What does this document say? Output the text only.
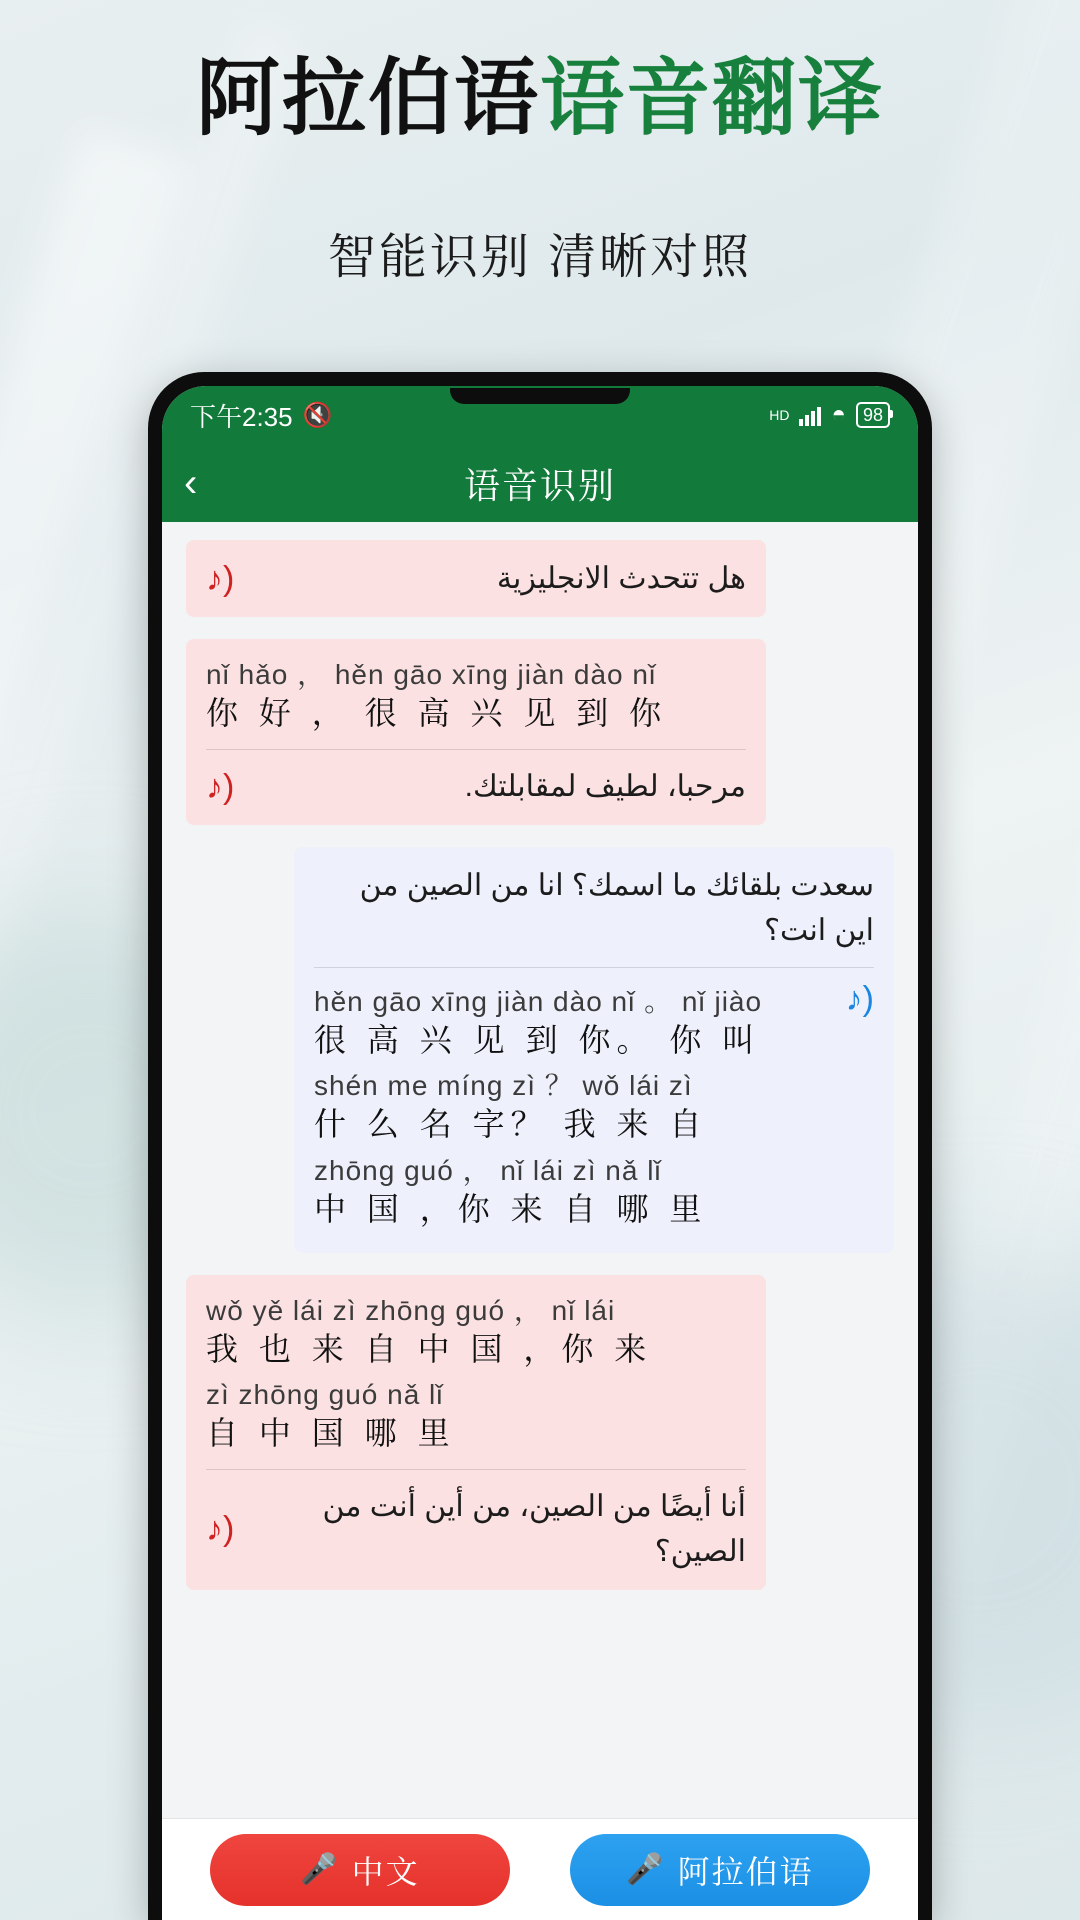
阿拉伯语语音翻译
智能识别 清晰对照
下午2:35 🔇	HD ◓ 98
‹	语音识别
♪)	هل تتحدث الانجليزية
nǐ hǎo ， hěn gāo xīng jiàn dào nǐ
你 好 ， 很 高 兴 见 到 你
♪)	مرحبا، لطيف لمقابلتك.
سعدت بلقائك ما اسمك؟ انا من الصين من اين انت؟
hěn gāo xīng jiàn dào nǐ 。 nǐ jiào
很 高 兴 见 到 你。 你 叫
shén me míng zì ？ wǒ lái zì
什 么 名 字？ 我 来 自
zhōng guó ， nǐ lái zì nǎ lǐ
中 国 ，你 来 自 哪 里
♪)
wǒ yě lái zì zhōng guó ， nǐ lái
我 也 来 自 中 国 ，你 来
zì zhōng guó nǎ lǐ
自 中 国 哪 里
♪)
أنا أيضًا من الصين، من أين أنت من الصين؟
🎤 中文	🎤 阿拉伯语
